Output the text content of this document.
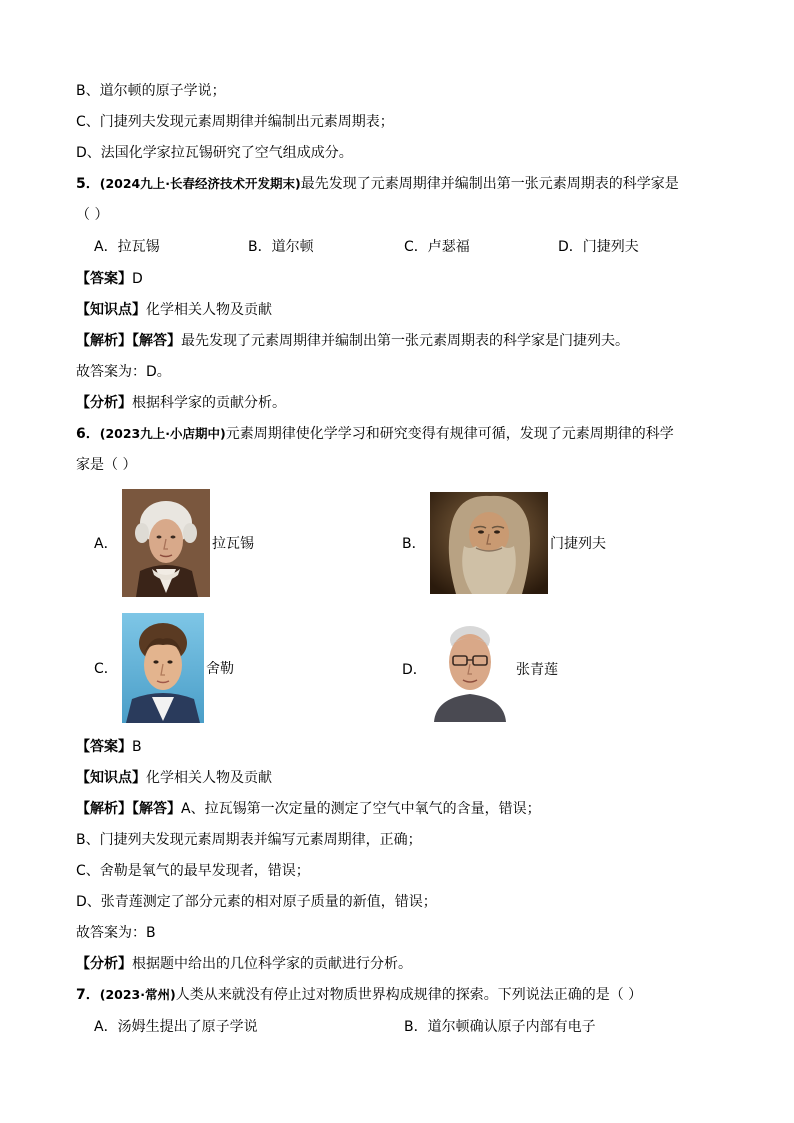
B、道尔顿的原子学说；
C、门捷列夫发现元素周期律并编制出元素周期表；
D、法国化学家拉瓦锡研究了空气组成成分。
5．(2024九上·长春经济技术开发期末)最先发现了元素周期律并编制出第一张元素周期表的科学家是
（ ）
A．拉瓦锡	B．道尔顿	C．卢瑟福	D．门捷列夫
【答案】D
【知识点】化学相关人物及贡献
【解析】【解答】最先发现了元素周期律并编制出第一张元素周期表的科学家是门捷列夫。
故答案为：D。
【分析】根据科学家的贡献分析。
6．(2023九上·小店期中)元素周期律使化学学习和研究变得有规律可循，发现了元素周期律的科学
家是（ ）
A．	拉瓦锡	B．	门捷列夫
C．	舍勒	D．	张青莲
【答案】B
【知识点】化学相关人物及贡献
【解析】【解答】A、拉瓦锡第一次定量的测定了空气中氧气的含量，错误；
B、门捷列夫发现元素周期表并编写元素周期律，正确；
C、舍勒是氧气的最早发现者，错误；
D、张青莲测定了部分元素的相对原子质量的新值，错误；
故答案为：B
【分析】根据题中给出的几位科学家的贡献进行分析。
7．(2023·常州)人类从来就没有停止过对物质世界构成规律的探索。下列说法正确的是（ ）
A．汤姆生提出了原子学说	B．道尔顿确认原子内部有电子
